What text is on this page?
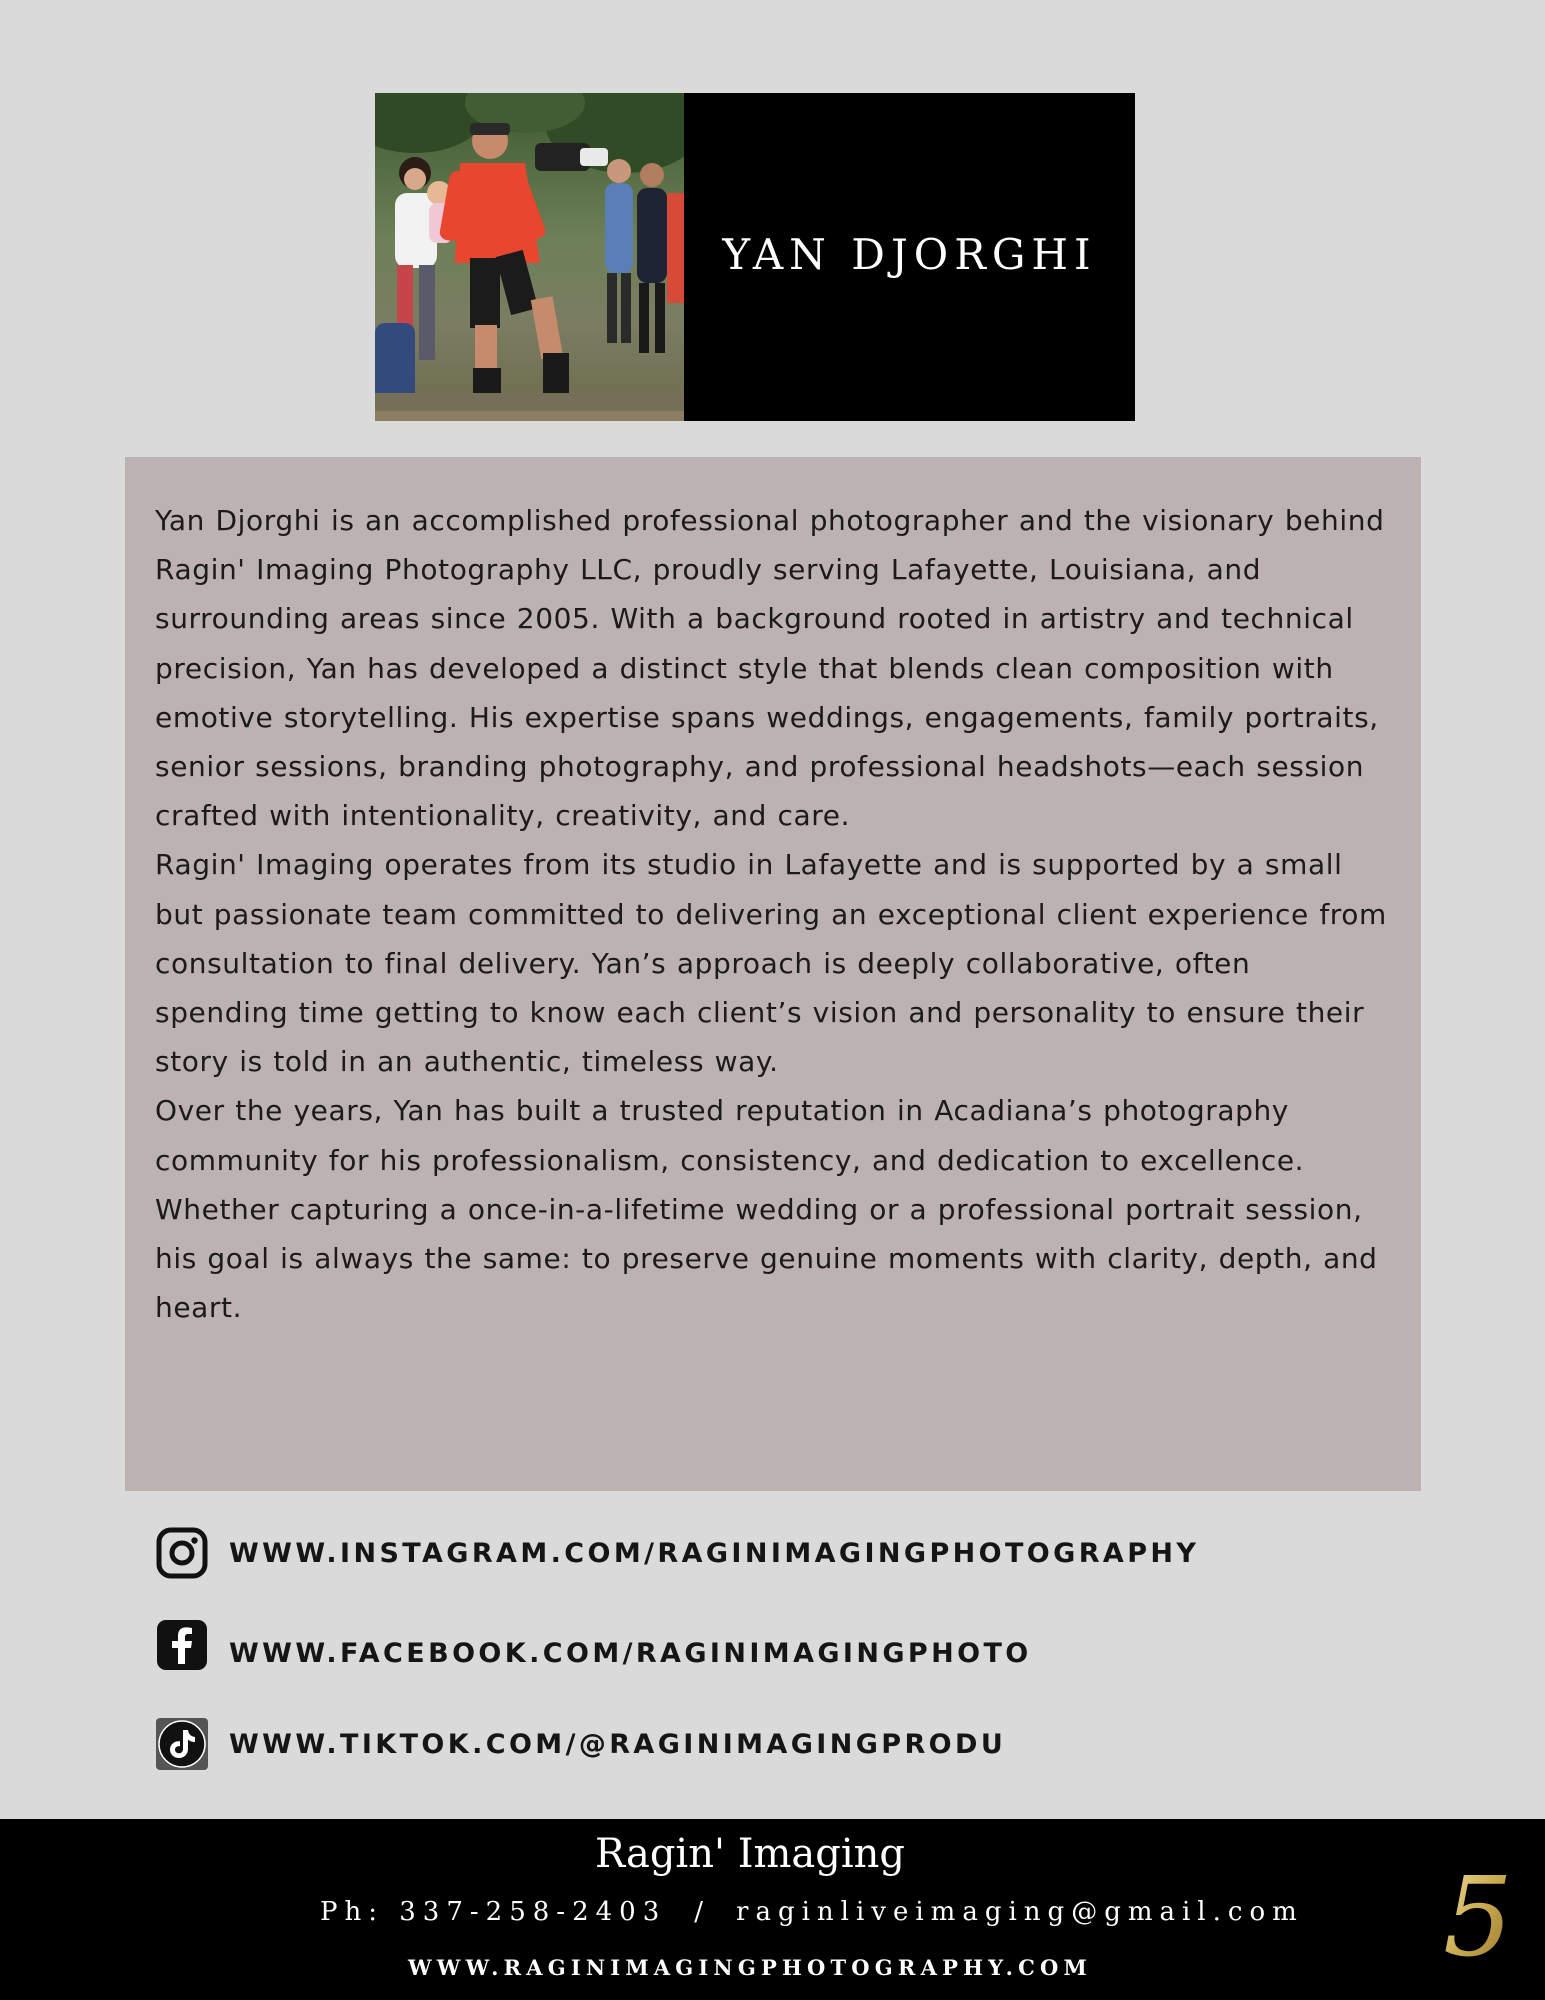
YAN DJORGHI

Yan Djorghi is an accomplished professional photographer and the visionary behind Ragin' Imaging Photography LLC, proudly serving Lafayette, Louisiana, and surrounding areas since 2005. With a background rooted in artistry and technical precision, Yan has developed a distinct style that blends clean composition with emotive storytelling. His expertise spans weddings, engagements, family portraits, senior sessions, branding photography, and professional headshots—each session crafted with intentionality, creativity, and care.

Ragin' Imaging operates from its studio in Lafayette and is supported by a small but passionate team committed to delivering an exceptional client experience from consultation to final delivery. Yan’s approach is deeply collaborative, often spending time getting to know each client’s vision and personality to ensure their story is told in an authentic, timeless way.

Over the years, Yan has built a trusted reputation in Acadiana’s photography community for his professionalism, consistency, and dedication to excellence. Whether capturing a once-in-a-lifetime wedding or a professional portrait session, his goal is always the same: to preserve genuine moments with clarity, depth, and heart.

WWW.INSTAGRAM.COM/RAGINIMAGINGPHOTOGRAPHY
WWW.FACEBOOK.COM/RAGINIMAGINGPHOTO
WWW.TIKTOK.COM/@RAGINIMAGINGPRODU
Ragin' Imaging
Ph: 337-258-2403 / raginliveimaging@gmail.com
WWW.RAGINIMAGINGPHOTOGRAPHY.COM	5
